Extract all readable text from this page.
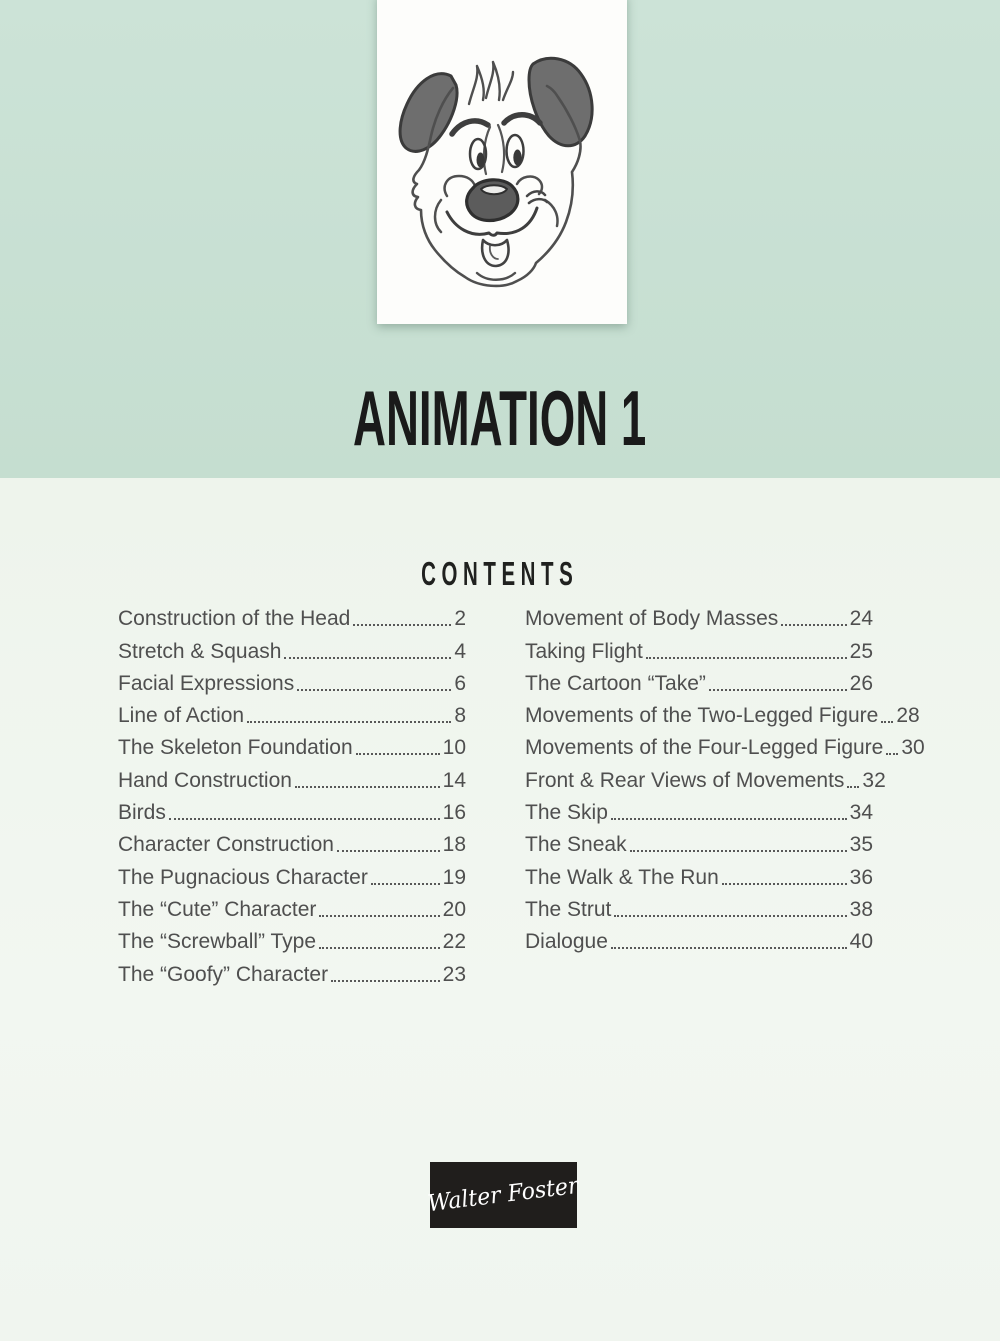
ANIMATION 1
CONTENTS
Construction of the Head	2
Stretch & Squash	4
Facial Expressions	6
Line of Action	8
The Skeleton Foundation	10
Hand Construction	14
Birds	16
Character Construction	18
The Pugnacious Character	19
The “Cute” Character	20
The “Screwball” Type	22
The “Goofy” Character	23
Movement of Body Masses	24
Taking Flight	25
The Cartoon “Take”	26
Movements of the Two-Legged Figure 28
Movements of the Four-Legged Figure 30
Front & Rear Views of Movements 32
The Skip	34
The Sneak	35
The Walk & The Run	36
The Strut	38
Dialogue	40
Walter Foster
